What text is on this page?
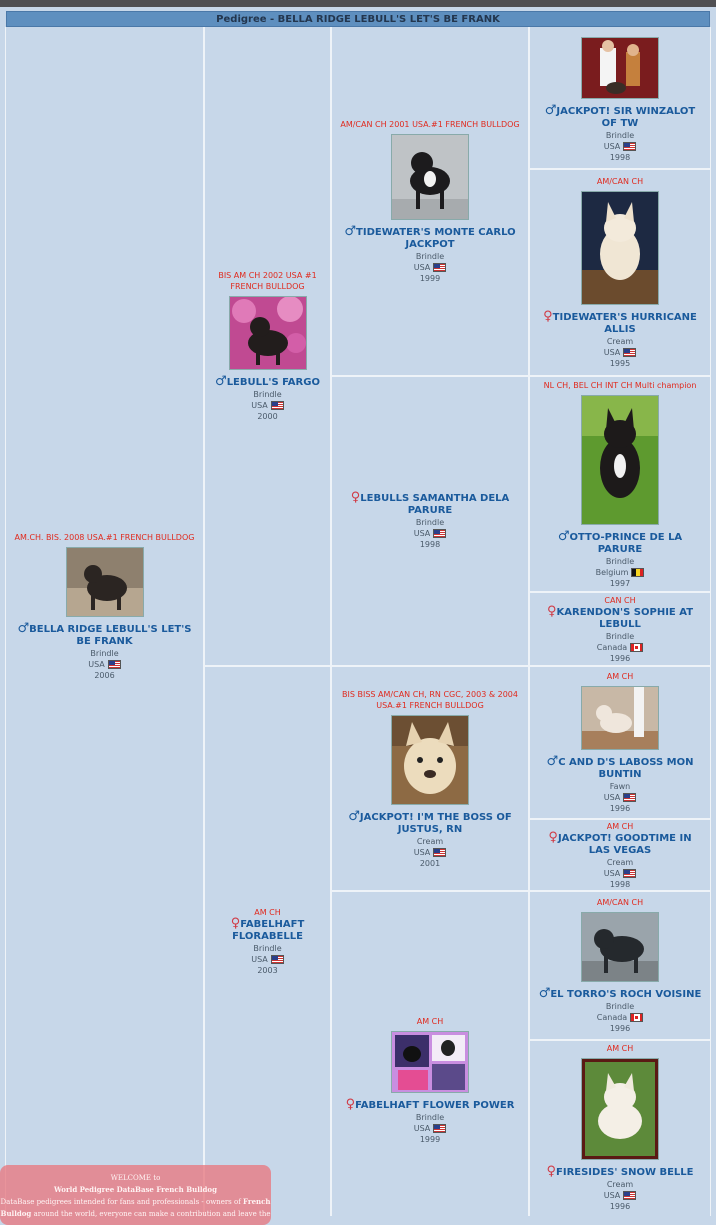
Pedigree - BELLA RIDGE LEBULL'S LET'S BE FRANK
AM.CH. BIS. 2008 USA.#1 FRENCH BULLDOG
♂BELLA RIDGE LEBULL'S LET'S BE FRANK
Brindle
USA
2006
BIS AM CH 2002 USA #1 FRENCH BULLDOG
♂LEBULL'S FARGO
Brindle
USA
2000
AM CH
♀FABELHAFT FLORABELLE
Brindle
USA
2003
AM/CAN CH 2001 USA.#1 FRENCH BULLDOG
♂TIDEWATER'S MONTE CARLO JACKPOT
Brindle
USA
1999
♀LEBULLS SAMANTHA DELA PARURE
Brindle
USA
1998
BIS BISS AM/CAN CH, RN CGC, 2003 & 2004 USA.#1 FRENCH BULLDOG
♂JACKPOT! I'M THE BOSS OF JUSTUS, RN
Cream
USA
2001
AM CH
♀FABELHAFT FLOWER POWER
Brindle
USA
1999
♂JACKPOT! SIR WINZALOT OF TW
Brindle
USA
1998
AM/CAN CH
♀TIDEWATER'S HURRICANE ALLIS
Cream
USA
1995
NL CH, BEL CH INT CH Multi champion
♂OTTO-PRINCE DE LA PARURE
Brindle
Belgium
1997
CAN CH
♀KARENDON'S SOPHIE AT LEBULL
Brindle
Canada
1996
AM CH
♂C AND D'S LABOSS MON BUNTIN
Fawn
USA
1996
AM CH
♀JACKPOT! GOODTIME IN LAS VEGAS
Cream
USA
1998
AM/CAN CH
♂EL TORRO'S ROCH VOISINE
Brindle
Canada
1996
AM CH
♀FIRESIDES' SNOW BELLE
Cream
USA
1996
WELCOME to
World Pedigree DataBase French Bulldog
DataBase pedigrees intended for fans and professionals - owners of French
Bulldog around the world, everyone can make a contribution and leave the
